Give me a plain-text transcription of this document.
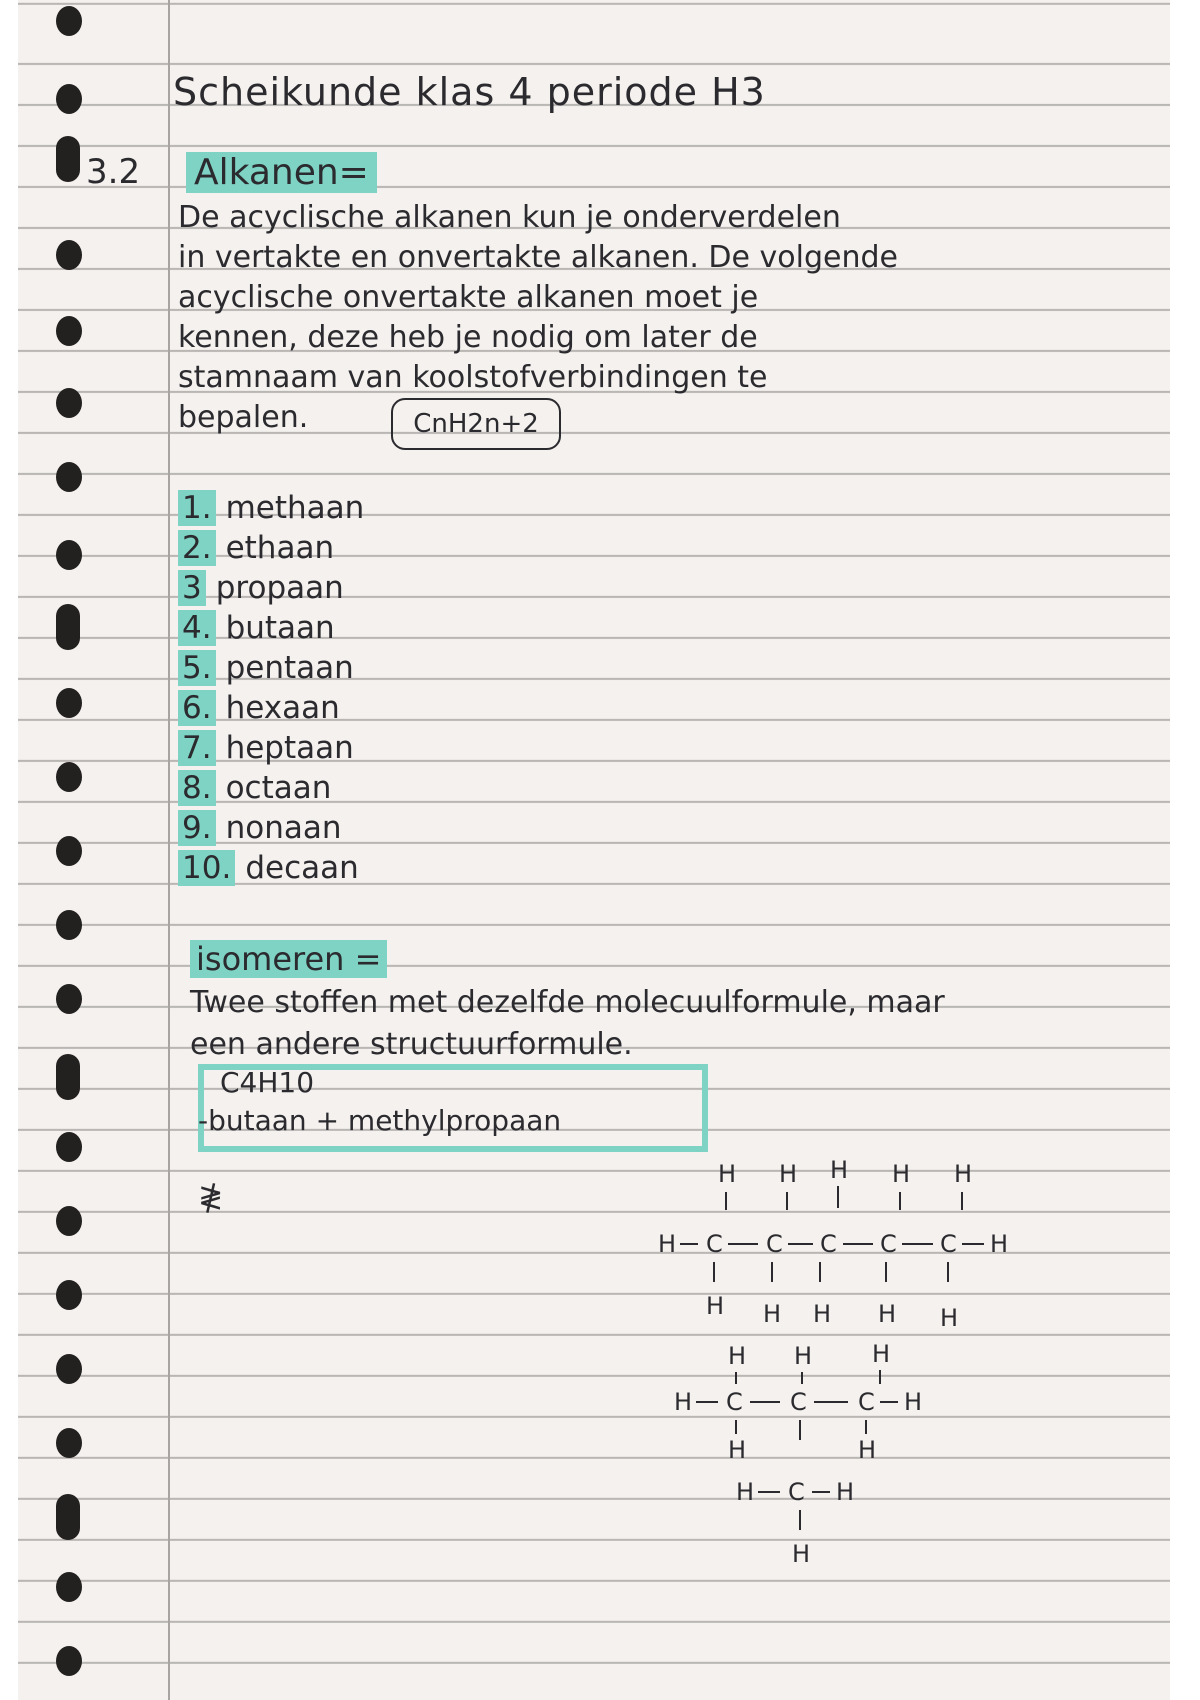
Scheikunde klas 4 periode H3
3.2 Alkanen=
De acyclische alkanen kun je onderverdelen
in vertakte en onvertakte alkanen. De volgende
acyclische onvertakte alkanen moet je
kennen, deze heb je nodig om later de
stamnaam van koolstofverbindingen te
bepalen.	CnH2n+2
1. methaan
2. ethaan
3 propaan
4. butaan
5. pentaan
6. hexaan
7. heptaan
8. octaan
9. nonaan
10. decaan
isomeren =
Twee stoffen met dezelfde molecuulformule, maar
een andere structuurformule.
C4H10
-butaan + methylpropaan
≹
H H H H H
H C C C C C H
H H H H H
H H H
H C C C H
H	H
H C H
H
